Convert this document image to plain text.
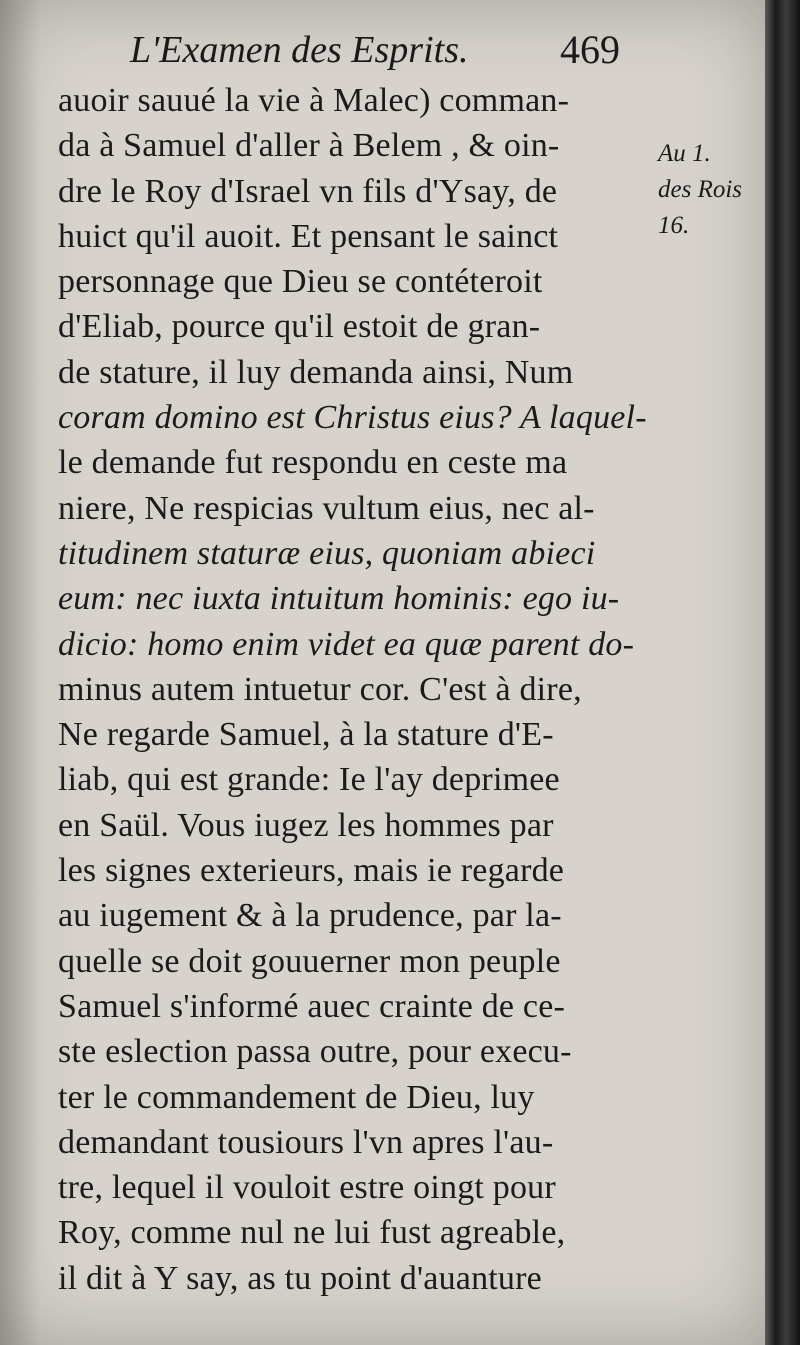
L'Examen des Esprits. 469
auoir sauué la vie à Malec) comman-
da à Samuel d'aller à Belem , & oin-
dre le Roy d'Israel vn fils d'Ysay, de
huict qu'il auoit. Et pensant le sainct
personnage que Dieu se contéteroit
d'Eliab, pource qu'il estoit de gran-
de stature, il luy demanda ainsi, Num
coram domino est Christus eius? A laquel-
le demande fut respondu en ceste ma
niere, Ne respicias vultum eius, nec al-
titudinem staturæ eius, quoniam abieci
eum: nec iuxta intuitum hominis: ego iu-
dicio: homo enim videt ea quæ parent do-
minus autem intuetur cor. C'est à dire,
Ne regarde Samuel, à la stature d'E-
liab, qui est grande: Ie l'ay deprimee
en Saül. Vous iugez les hommes par
les signes exterieurs, mais ie regarde
au iugement & à la prudence, par la-
quelle se doit gouuerner mon peuple
Samuel s'informé auec crainte de ce-
ste eslection passa outre, pour execu-
ter le commandement de Dieu, luy
demandant tousiours l'vn apres l'au-
tre, lequel il vouloit estre oingt pour
Roy, comme nul ne lui fust agreable,
il dit à Y say, as tu point d'auanture
Au 1.
des Rois
16.
